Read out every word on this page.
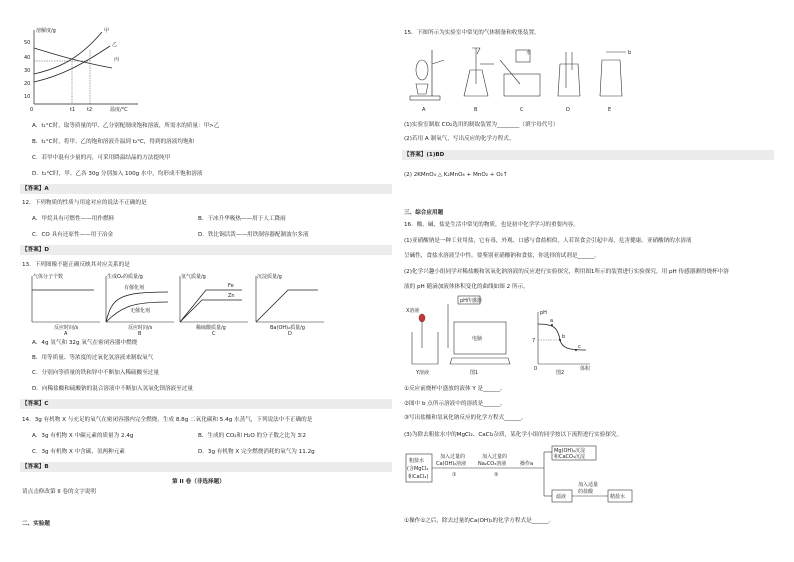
溶解度/g	甲
乙
丙
50
40
30
20
10
0	t1 t2	温度/°C
A．t₁°C时，取等质量的甲、乙分别配制成饱和溶液，所需水的质量：甲>乙
B．t₁°C时，将甲、乙的饱和溶液升温到 t₂°C，得到的溶液均饱和
C．若甲中混有少量的丙，可采用降温结晶的方法提纯甲
D．t₂°C时，甲、乙各 30g 分别加入 100g 水中，均形成不饱和溶液
【答案】A
12．下列物质的性质与用途对应的说法不正确的是
A．甲烷具有可燃性——用作燃料	B．干冰升华吸热——用于人工降雨
C．CO 具有还原性——用于冶金	D．铁比铜活泼——用铁制容器配制波尔多液
【答案】D
13．下列图像不能正确反映其对应关系的是
气体分子个数
反应时间/s
A
生成O₂的质量/g
有催化剂
无催化剂
反应时间/s
B
氢气质量/g
Fe
Zn
稀硫酸质量/g
C
沉淀质量/g
Ba(OH)₂质量/g
D
A．4g 氢气和 32g 氧气在密闭容器中燃烧
B．用等质量、等浓度的过氧化氢溶液来制取氧气
C．分别向等质量的铁和锌中不断加入稀硫酸至过量
D．向稀盐酸和硫酸钠的混合溶液中不断加入氢氧化钡溶液至过量
【答案】C
14．3g 有机物 X 与充足的氧气在密闭容器内完全燃烧，生成 8.8g 二氧化碳和 5.4g 水蒸气，下列说法中不正确的是
A．3g 有机物 X 中碳元素的质量为 2.4g	B．生成的 CO₂和 H₂O 的分子数之比为 3∶2
C．3g 有机物 X 中含碳、氢两种元素	D．3g 有机物 X 完全燃烧消耗的氧气为 11.2g
【答案】B
第 II 卷（非选择题）
请点击修改第 II 卷的文字说明
二、实验题
15．下图所示为实验室中常见的气体制备和收集装置。
A	B
水
C	D
b
E
(1)实验室制取 CO₂选用的制取装置为________（填字母代号）
(2)若用 A 制氧气，写出反应的化学方程式。
【答案】(1)BD
(2) 2KMnO₄ △ K₂MnO₄ + MnO₂ + O₂↑
三、综合应用题
16．酸、碱、盐是生活中常见的物质，也是初中化学学习的重要内容。
(1)亚硝酸钠是一种工业用盐，它有毒，外观、口感与食盐相似，人若误食会引起中毒，危害健康。亚硝酸钠的水溶液
呈碱性，食盐水溶液呈中性。要鉴别亚硝酸钠和食盐，你选择的试剂是______。
(2)化学兴趣小组同学对稀盐酸和氢氧化钠溶液的反应进行实验探究，利用图1所示的装置进行实验探究，用 pH 传感器测得烧杯中溶
液的 pH 随滴加液体体积变化的曲线如图 2 所示。
X溶液
pH传感器
Y溶液
电脑
图1
pH
7
a
b
c
0	体积
图2
①反应前烧杯中盛放的液体 Y 是______。
②图中 b 点所示溶液中的溶质是______。
③写出盐酸和氢氧化钠反应的化学方程式______。
(3)为除去粗盐水中的MgCl₂、CaCl₂杂质，某化学小组的同学按以下流程进行实验探究。
粗盐水
(含MgCl₂
和CaCl₂)
加入过量的
Ca(OH)₂溶液
①
加入过量的
Na₂CO₃溶液
②
操作a
Mg(OH)₂沉淀
和CaCO₃沉淀
滤液
加入适量
的盐酸
精盐水
①操作①之后，除去过量的Ca(OH)₂的化学方程式是______。
